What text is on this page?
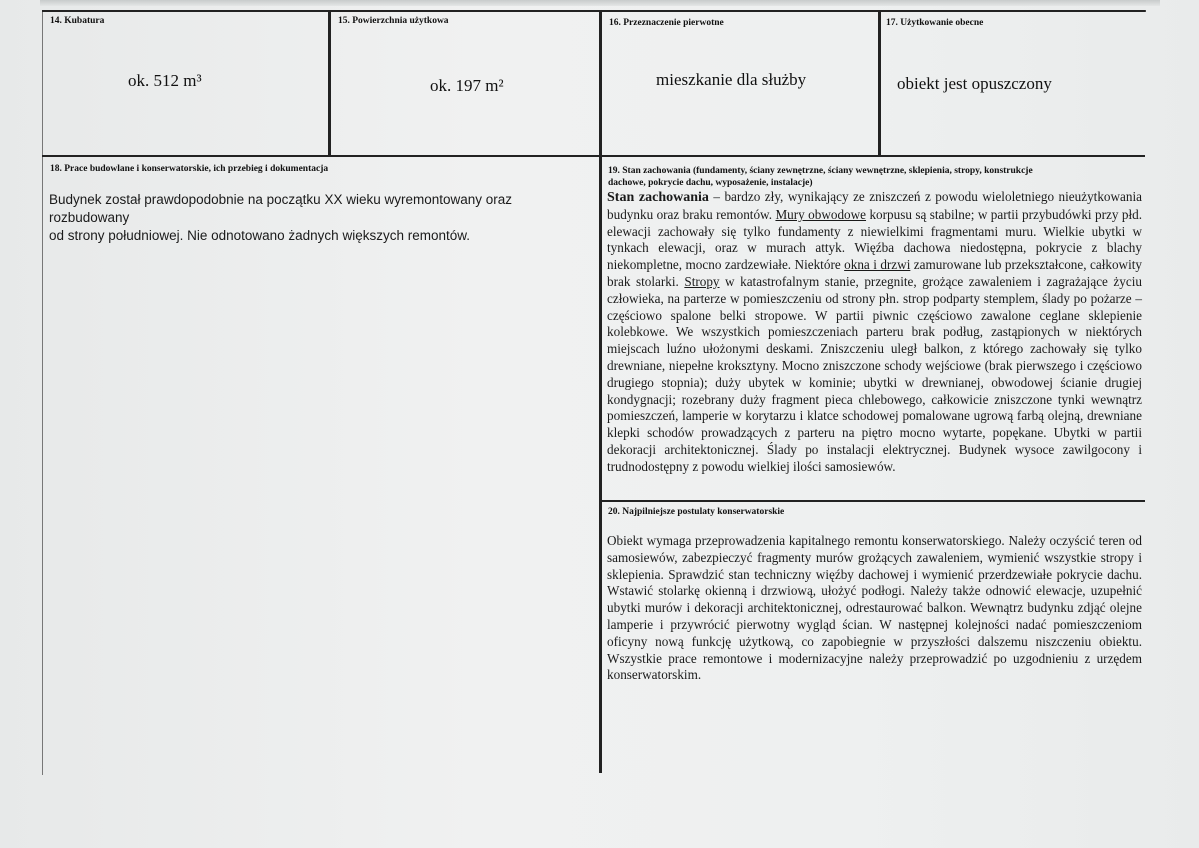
14. Kubatura
ok. 512 m³
15. Powierzchnia użytkowa
ok. 197 m²
16. Przeznaczenie pierwotne
mieszkanie dla służby
17. Użytkowanie obecne
obiekt jest opuszczony
18. Prace budowlane i konserwatorskie, ich przebieg i dokumentacja
Budynek został prawdopodobnie na początku XX wieku wyremontowany oraz rozbudowany
od strony południowej. Nie odnotowano żadnych większych remontów.
19. Stan zachowania (fundamenty, ściany zewnętrzne, ściany wewnętrzne, sklepienia, stropy, konstrukcje
dachowe, pokrycie dachu, wyposażenie, instalacje)
Stan zachowania – bardzo zły, wynikający ze zniszczeń z powodu wieloletniego nieużytkowania budynku oraz braku remontów. Mury obwodowe korpusu są stabilne; w partii przybudówki przy płd. elewacji zachowały się tylko fundamenty z niewielkimi fragmentami muru. Wielkie ubytki w tynkach elewacji, oraz w murach attyk. Więźba dachowa niedostępna, pokrycie z blachy niekompletne, mocno zardzewiałe. Niektóre okna i drzwi zamurowane lub przekształcone, całkowity brak stolarki. Stropy w katastrofalnym stanie, przegnite, grożące zawaleniem i zagrażające życiu człowieka, na parterze w pomieszczeniu od strony płn. strop podparty stemplem, ślady po pożarze – częściowo spalone belki stropowe. W partii piwnic częściowo zawalone ceglane sklepienie kolebkowe. We wszystkich pomieszczeniach parteru brak podług, zastąpionych w niektórych miejscach luźno ułożonymi deskami. Zniszczeniu uległ balkon, z którego zachowały się tylko drewniane, niepełne kroksztyny. Mocno zniszczone schody wejściowe (brak pierwszego i częściowo drugiego stopnia); duży ubytek w kominie; ubytki w drewnianej, obwodowej ścianie drugiej kondygnacji; rozebrany duży fragment pieca chlebowego, całkowicie zniszczone tynki wewnątrz pomieszczeń, lamperie w korytarzu i klatce schodowej pomalowane ugrową farbą olejną, drewniane klepki schodów prowadzących z parteru na piętro mocno wytarte, popękane. Ubytki w partii dekoracji architektonicznej. Ślady po instalacji elektrycznej. Budynek wysoce zawilgocony i trudnodostępny z powodu wielkiej ilości samosiewów.
20. Najpilniejsze postulaty konserwatorskie
Obiekt wymaga przeprowadzenia kapitalnego remontu konserwatorskiego. Należy oczyścić teren od samosiewów, zabezpieczyć fragmenty murów grożących zawaleniem, wymienić wszystkie stropy i sklepienia. Sprawdzić stan techniczny więźby dachowej i wymienić przerdzewiałe pokrycie dachu. Wstawić stolarkę okienną i drzwiową, ułożyć podłogi. Należy także odnowić elewacje, uzupełnić ubytki murów i dekoracji architektonicznej, odrestaurować balkon. Wewnątrz budynku zdjąć olejne lamperie i przywrócić pierwotny wygląd ścian. W następnej kolejności nadać pomieszczeniom oficyny nową funkcję użytkową, co zapobiegnie w przyszłości dalszemu niszczeniu obiektu. Wszystkie prace remontowe i modernizacyjne należy przeprowadzić po uzgodnieniu z urzędem konserwatorskim.
